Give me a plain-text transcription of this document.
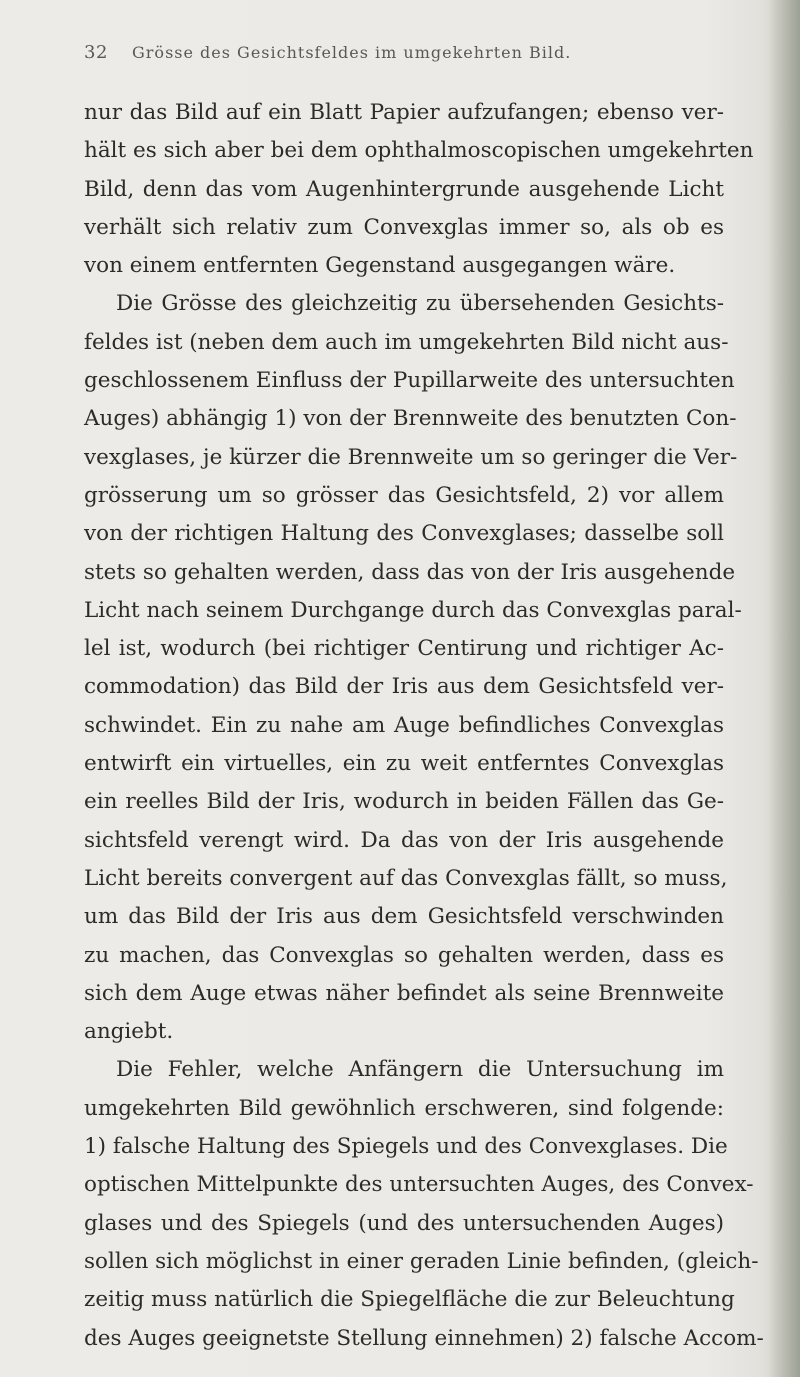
32 Grösse des Gesichtsfeldes im umgekehrten Bild.
nur das Bild auf ein Blatt Papier aufzufangen; ebenso ver-
hält es sich aber bei dem ophthalmoscopischen umgekehrten
Bild, denn das vom Augenhintergrunde ausgehende Licht
verhält sich relativ zum Convexglas immer so, als ob es
von einem entfernten Gegenstand ausgegangen wäre.
Die Grösse des gleichzeitig zu übersehenden Gesichts-
feldes ist (neben dem auch im umgekehrten Bild nicht aus-
geschlossenem Einfluss der Pupillarweite des untersuchten
Auges) abhängig 1) von der Brennweite des benutzten Con-
vexglases, je kürzer die Brennweite um so geringer die Ver-
grösserung um so grösser das Gesichtsfeld, 2) vor allem
von der richtigen Haltung des Convexglases; dasselbe soll
stets so gehalten werden, dass das von der Iris ausgehende
Licht nach seinem Durchgange durch das Convexglas paral-
lel ist, wodurch (bei richtiger Centirung und richtiger Ac-
commodation) das Bild der Iris aus dem Gesichtsfeld ver-
schwindet. Ein zu nahe am Auge befindliches Convexglas
entwirft ein virtuelles, ein zu weit entferntes Convexglas
ein reelles Bild der Iris, wodurch in beiden Fällen das Ge-
sichtsfeld verengt wird. Da das von der Iris ausgehende
Licht bereits convergent auf das Convexglas fällt, so muss,
um das Bild der Iris aus dem Gesichtsfeld verschwinden
zu machen, das Convexglas so gehalten werden, dass es
sich dem Auge etwas näher befindet als seine Brennweite
angiebt.
Die Fehler, welche Anfängern die Untersuchung im
umgekehrten Bild gewöhnlich erschweren, sind folgende:
1) falsche Haltung des Spiegels und des Convexglases. Die
optischen Mittelpunkte des untersuchten Auges, des Convex-
glases und des Spiegels (und des untersuchenden Auges)
sollen sich möglichst in einer geraden Linie befinden, (gleich-
zeitig muss natürlich die Spiegelfläche die zur Beleuchtung
des Auges geeignetste Stellung einnehmen) 2) falsche Accom-
